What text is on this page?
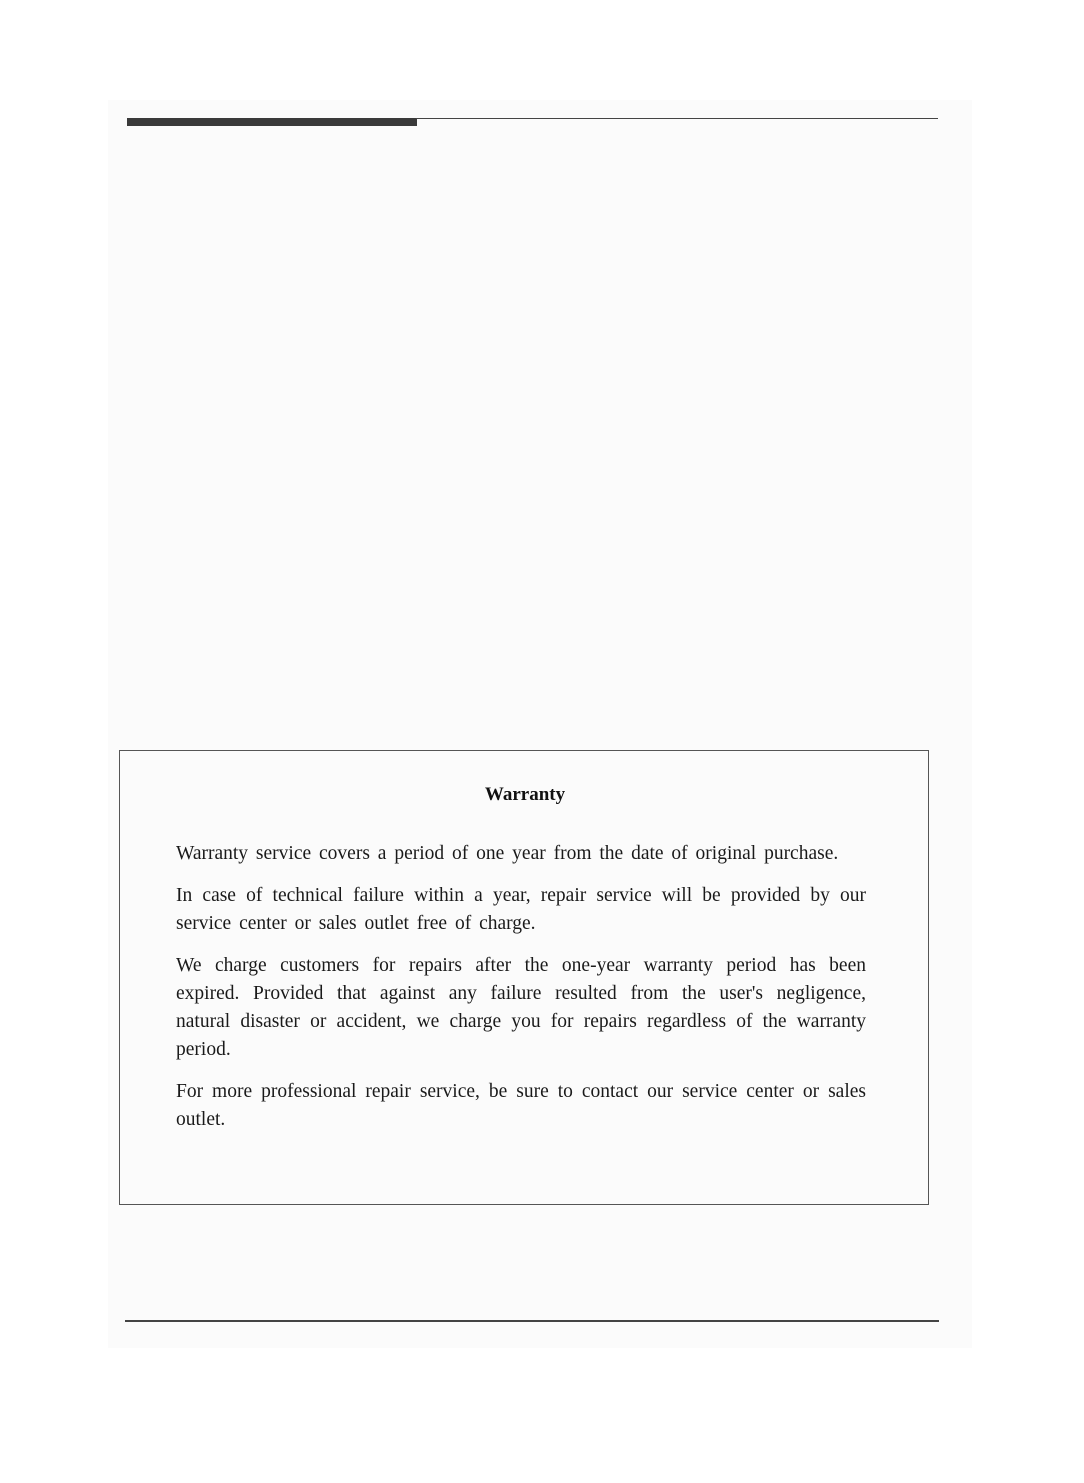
Warranty

Warranty service covers a period of one year from the date of original purchase.

In case of technical failure within a year, repair service will be provided by our service center or sales outlet free of charge.

We charge customers for repairs after the one-year warranty period has been expired. Provided that against any failure resulted from the user's negligence, natural disaster or accident, we charge you for repairs regardless of the warranty period.

For more professional repair service, be sure to contact our service center or sales outlet.
